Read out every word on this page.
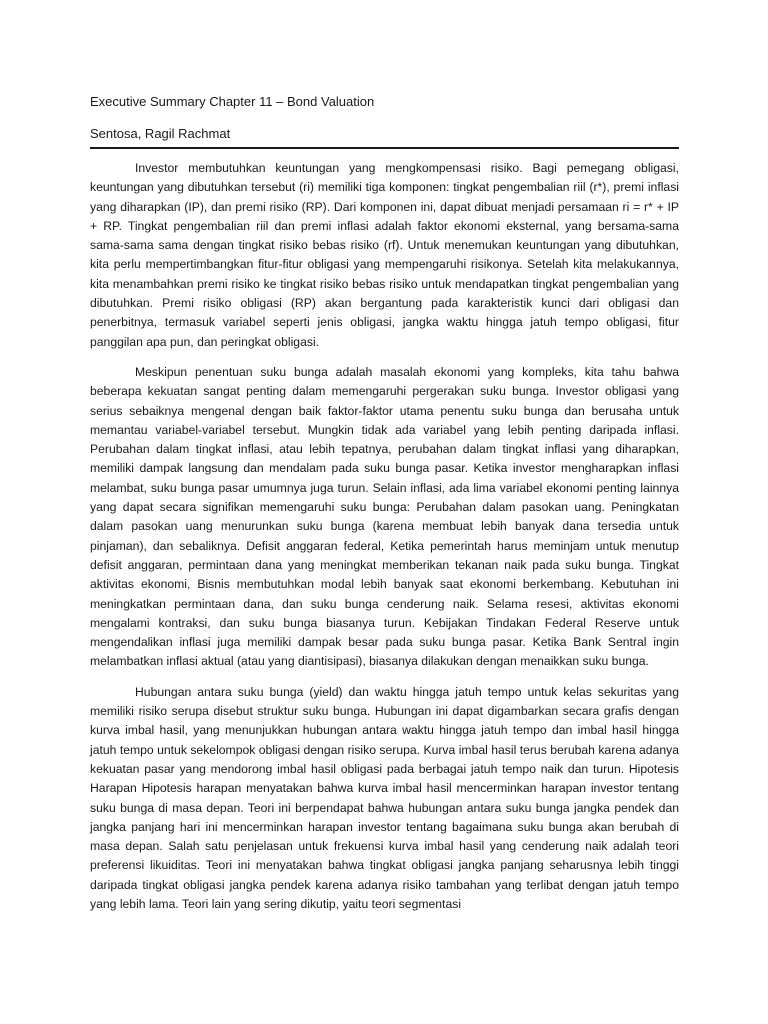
Executive Summary Chapter 11 – Bond Valuation
Sentosa, Ragil Rachmat

Investor membutuhkan keuntungan yang mengkompensasi risiko. Bagi pemegang obligasi, keuntungan yang dibutuhkan tersebut (ri) memiliki tiga komponen: tingkat pengembalian riil (r*), premi inflasi yang diharapkan (IP), dan premi risiko (RP). Dari komponen ini, dapat dibuat menjadi persamaan ri = r* + IP + RP. Tingkat pengembalian riil dan premi inflasi adalah faktor ekonomi eksternal, yang bersama-sama sama-sama sama dengan tingkat risiko bebas risiko (rf). Untuk menemukan keuntungan yang dibutuhkan, kita perlu mempertimbangkan fitur-fitur obligasi yang mempengaruhi risikonya. Setelah kita melakukannya, kita menambahkan premi risiko ke tingkat risiko bebas risiko untuk mendapatkan tingkat pengembalian yang dibutuhkan. Premi risiko obligasi (RP) akan bergantung pada karakteristik kunci dari obligasi dan penerbitnya, termasuk variabel seperti jenis obligasi, jangka waktu hingga jatuh tempo obligasi, fitur panggilan apa pun, dan peringkat obligasi.

Meskipun penentuan suku bunga adalah masalah ekonomi yang kompleks, kita tahu bahwa beberapa kekuatan sangat penting dalam memengaruhi pergerakan suku bunga. Investor obligasi yang serius sebaiknya mengenal dengan baik faktor-faktor utama penentu suku bunga dan berusaha untuk memantau variabel-variabel tersebut. Mungkin tidak ada variabel yang lebih penting daripada inflasi. Perubahan dalam tingkat inflasi, atau lebih tepatnya, perubahan dalam tingkat inflasi yang diharapkan, memiliki dampak langsung dan mendalam pada suku bunga pasar. Ketika investor mengharapkan inflasi melambat, suku bunga pasar umumnya juga turun. Selain inflasi, ada lima variabel ekonomi penting lainnya yang dapat secara signifikan memengaruhi suku bunga: Perubahan dalam pasokan uang. Peningkatan dalam pasokan uang menurunkan suku bunga (karena membuat lebih banyak dana tersedia untuk pinjaman), dan sebaliknya. Defisit anggaran federal, Ketika pemerintah harus meminjam untuk menutup defisit anggaran, permintaan dana yang meningkat memberikan tekanan naik pada suku bunga. Tingkat aktivitas ekonomi, Bisnis membutuhkan modal lebih banyak saat ekonomi berkembang. Kebutuhan ini meningkatkan permintaan dana, dan suku bunga cenderung naik. Selama resesi, aktivitas ekonomi mengalami kontraksi, dan suku bunga biasanya turun. Kebijakan Tindakan Federal Reserve untuk mengendalikan inflasi juga memiliki dampak besar pada suku bunga pasar. Ketika Bank Sentral ingin melambatkan inflasi aktual (atau yang diantisipasi), biasanya dilakukan dengan menaikkan suku bunga.

Hubungan antara suku bunga (yield) dan waktu hingga jatuh tempo untuk kelas sekuritas yang memiliki risiko serupa disebut struktur suku bunga. Hubungan ini dapat digambarkan secara grafis dengan kurva imbal hasil, yang menunjukkan hubungan antara waktu hingga jatuh tempo dan imbal hasil hingga jatuh tempo untuk sekelompok obligasi dengan risiko serupa. Kurva imbal hasil terus berubah karena adanya kekuatan pasar yang mendorong imbal hasil obligasi pada berbagai jatuh tempo naik dan turun. Hipotesis Harapan Hipotesis harapan menyatakan bahwa kurva imbal hasil mencerminkan harapan investor tentang suku bunga di masa depan. Teori ini berpendapat bahwa hubungan antara suku bunga jangka pendek dan jangka panjang hari ini mencerminkan harapan investor tentang bagaimana suku bunga akan berubah di masa depan. Salah satu penjelasan untuk frekuensi kurva imbal hasil yang cenderung naik adalah teori preferensi likuiditas. Teori ini menyatakan bahwa tingkat obligasi jangka panjang seharusnya lebih tinggi daripada tingkat obligasi jangka pendek karena adanya risiko tambahan yang terlibat dengan jatuh tempo yang lebih lama. Teori lain yang sering dikutip, yaitu teori segmentasi
